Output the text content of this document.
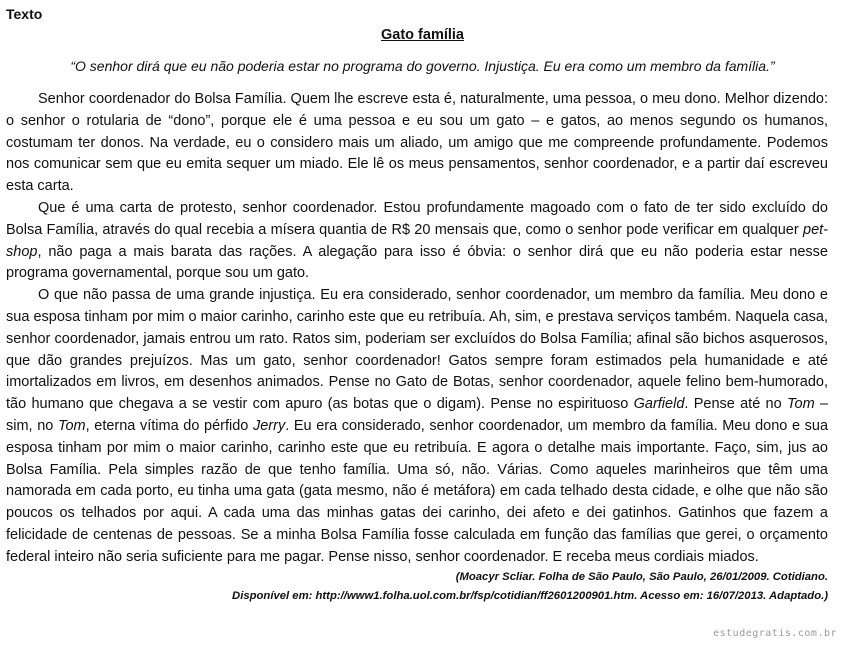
Texto
Gato família
“O senhor dirá que eu não poderia estar no programa do governo. Injustiça. Eu era como um membro da família.”

Senhor coordenador do Bolsa Família. Quem lhe escreve esta é, naturalmente, uma pessoa, o meu dono. Melhor dizendo: o senhor o rotularia de “dono”, porque ele é uma pessoa e eu sou um gato – e gatos, ao menos segundo os humanos, costumam ter donos. Na verdade, eu o considero mais um aliado, um amigo que me compreende profundamente. Podemos nos comunicar sem que eu emita sequer um miado. Ele lê os meus pensamentos, senhor coordenador, e a partir daí escreveu esta carta.

Que é uma carta de protesto, senhor coordenador. Estou profundamente magoado com o fato de ter sido excluído do Bolsa Família, através do qual recebia a mísera quantia de R$ 20 mensais que, como o senhor pode verificar em qualquer pet-shop, não paga a mais barata das rações. A alegação para isso é óbvia: o senhor dirá que eu não poderia estar nesse programa governamental, porque sou um gato.

O que não passa de uma grande injustiça. Eu era considerado, senhor coordenador, um membro da família. Meu dono e sua esposa tinham por mim o maior carinho, carinho este que eu retribuía. Ah, sim, e prestava serviços também. Naquela casa, senhor coordenador, jamais entrou um rato. Ratos sim, poderiam ser excluídos do Bolsa Família; afinal são bichos asquerosos, que dão grandes prejuízos. Mas um gato, senhor coordenador! Gatos sempre foram estimados pela humanidade e até imortalizados em livros, em desenhos animados. Pense no Gato de Botas, senhor coordenador, aquele felino bem-humorado, tão humano que chegava a se vestir com apuro (as botas que o digam). Pense no espirituoso Garfield. Pense até no Tom – sim, no Tom, eterna vítima do pérfido Jerry. Eu era considerado, senhor coordenador, um membro da família. Meu dono e sua esposa tinham por mim o maior carinho, carinho este que eu retribuía. E agora o detalhe mais importante. Faço, sim, jus ao Bolsa Família. Pela simples razão de que tenho família. Uma só, não. Várias. Como aqueles marinheiros que têm uma namorada em cada porto, eu tinha uma gata (gata mesmo, não é metáfora) em cada telhado desta cidade, e olhe que não são poucos os telhados por aqui. A cada uma das minhas gatas dei carinho, dei afeto e dei gatinhos. Gatinhos que fazem a felicidade de centenas de pessoas. Se a minha Bolsa Família fosse calculada em função das famílias que gerei, o orçamento federal inteiro não seria suficiente para me pagar. Pense nisso, senhor coordenador. E receba meus cordiais miados.

(Moacyr Scliar. Folha de São Paulo, São Paulo, 26/01/2009. Cotidiano.
Disponível em: http://www1.folha.uol.com.br/fsp/cotidian/ff2601200901.htm. Acesso em: 16/07/2013. Adaptado.)
estudegratis.com.br
